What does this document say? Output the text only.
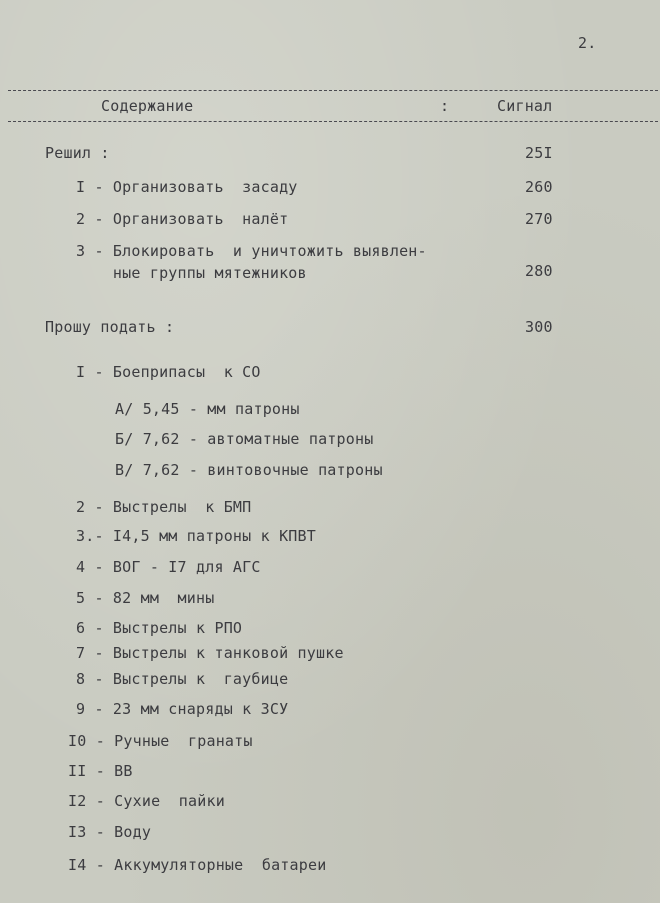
2.
Содержание	:	Сигнал
Решил :	25I
I - Организовать  засаду	260
2 - Организовать  налёт	270
3 - Блокировать  и уничтожить выявлен-
ные группы мятежников	280
Прошу подать :	300
I - Боеприпасы  к СО
А/ 5,45 - мм патроны
Б/ 7,62 - автоматные патроны
В/ 7,62 - винтовочные патроны
2 - Выстрелы  к БМП
3.- I4,5 мм патроны к КПВТ
4 - ВОГ - I7 для АГС
5 - 82 мм  мины
6 - Выстрелы к РПО
7 - Выстрелы к танковой пушке
8 - Выстрелы к  гаубице
9 - 23 мм снаряды к ЗСУ
I0 - Ручные  гранаты
II - ВВ
I2 - Сухие  пайки
I3 - Воду
I4 - Аккумуляторные  батареи
